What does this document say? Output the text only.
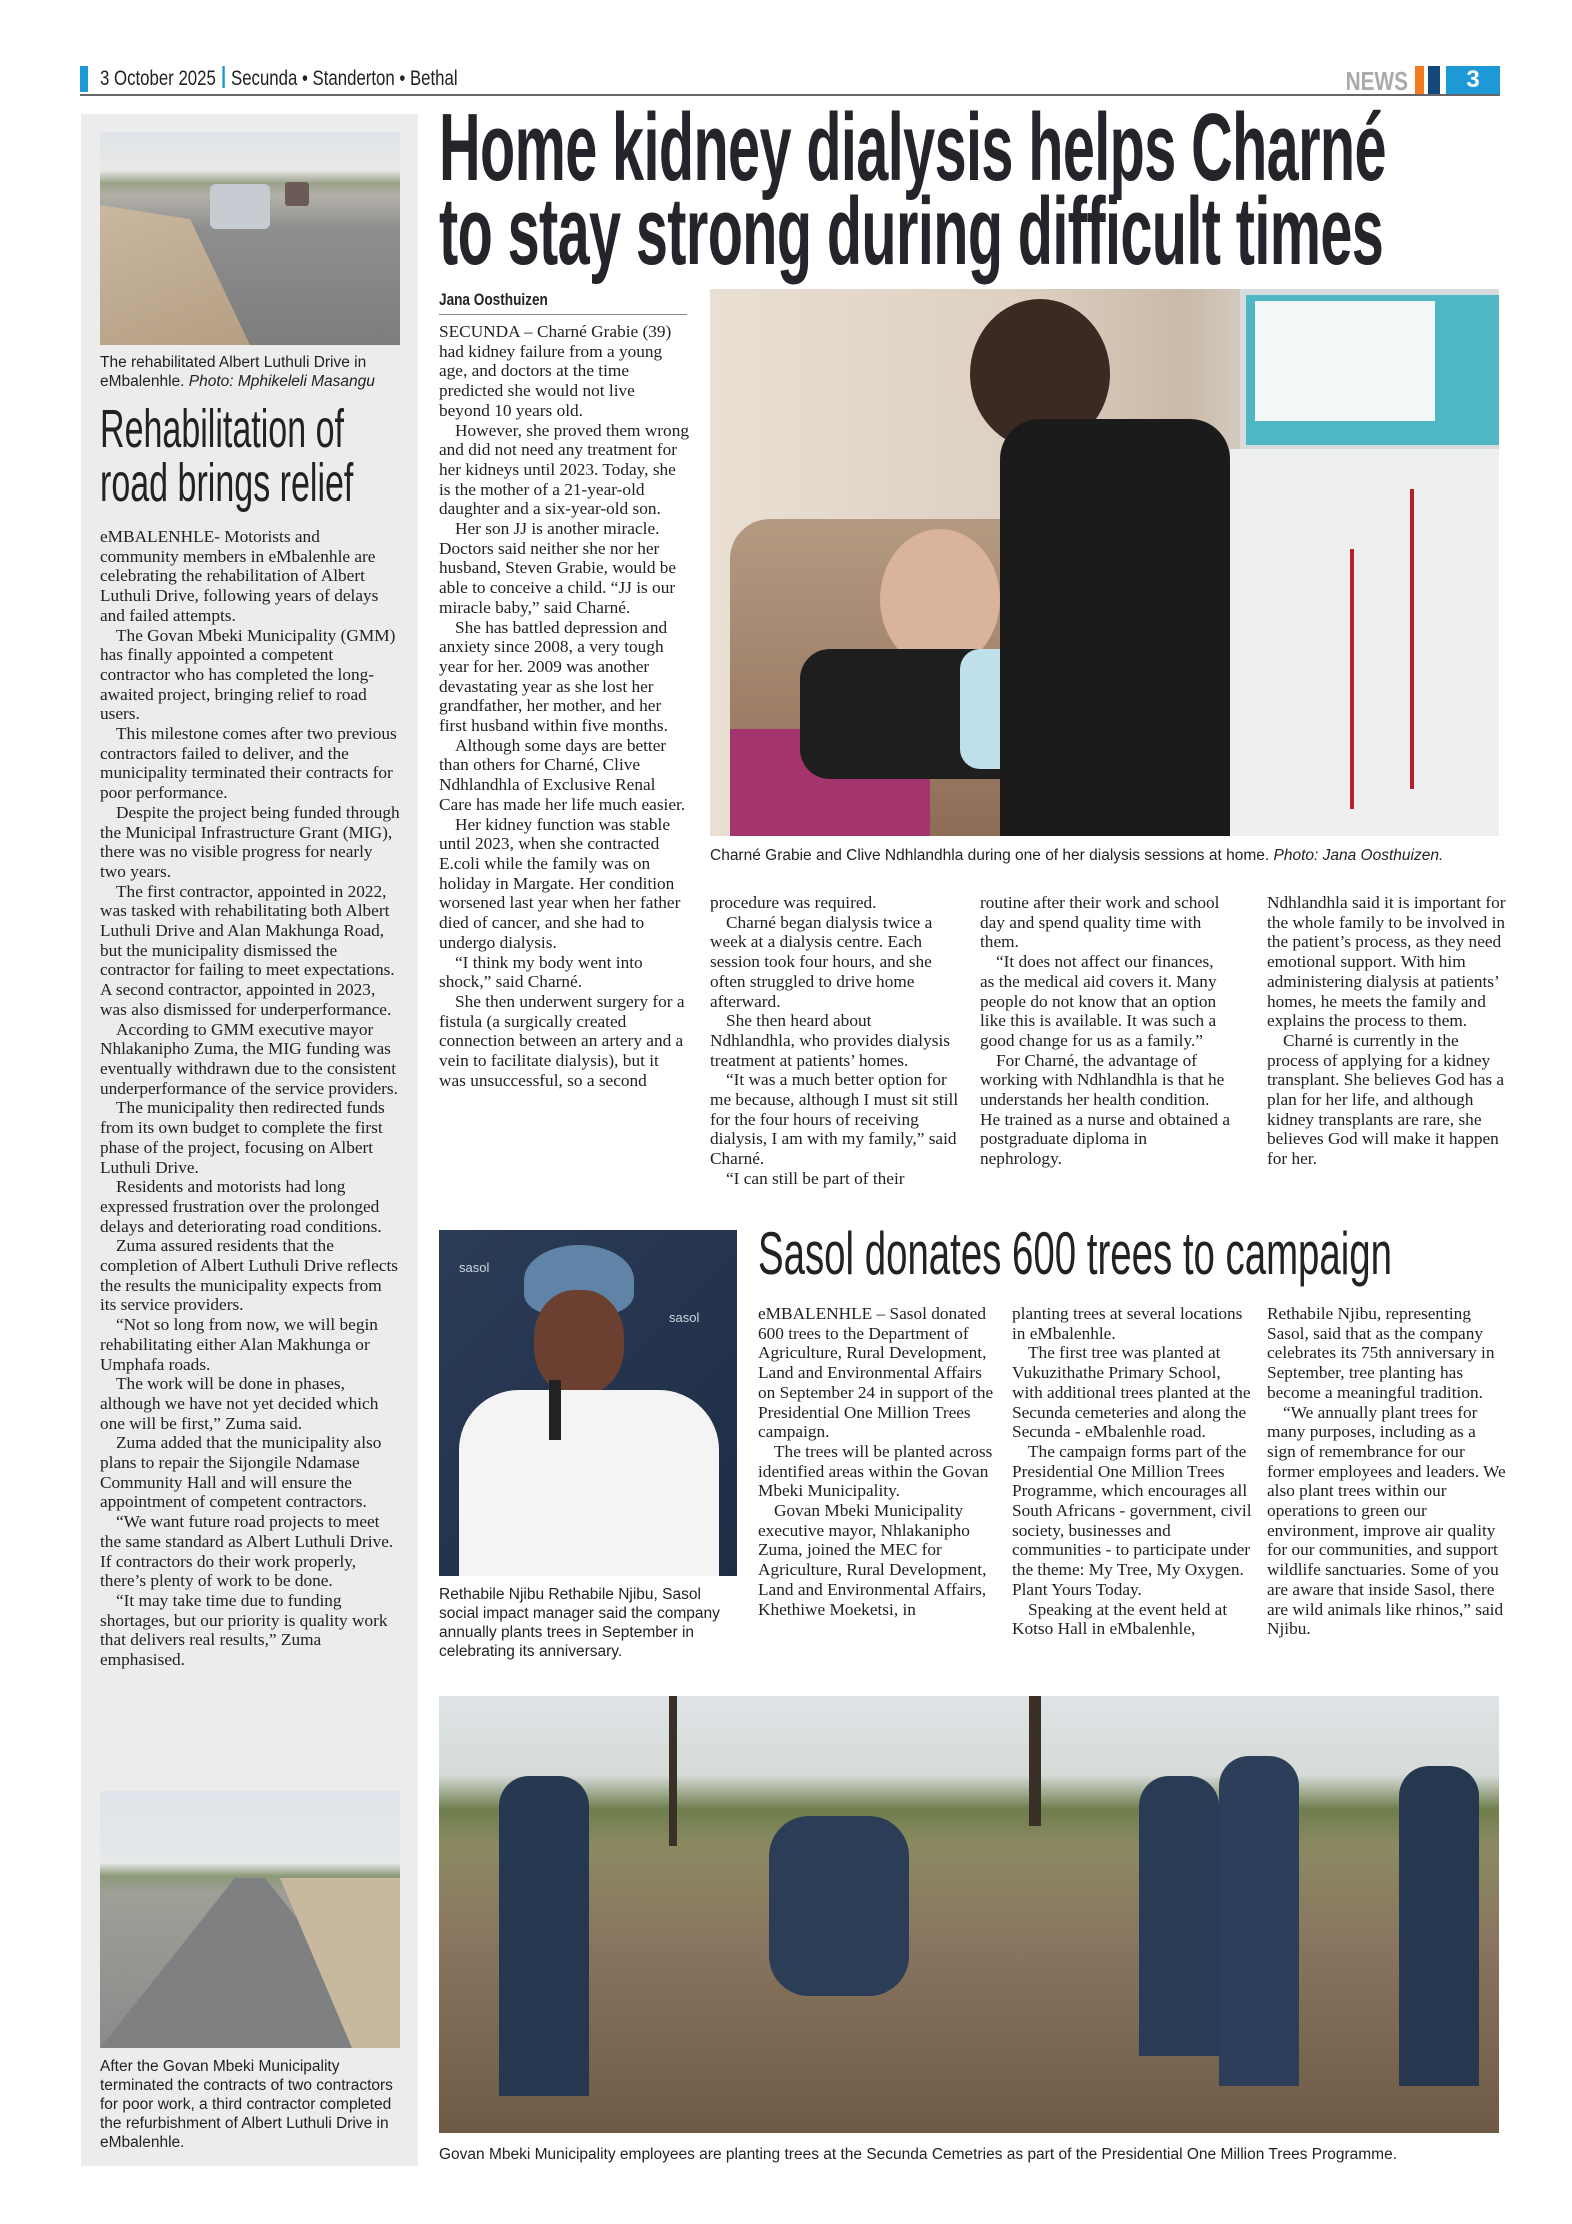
3 October 2025 Secunda • Standerton • Bethal	NEWS	3
The rehabilitated Albert Luthuli Drive in eMbalenhle. Photo: Mphikeleli Masangu
Rehabilitation of
road brings relief

eMBALENHLE- Motorists and community members in eMbalenhle are celebrating the rehabilitation of Albert Luthuli Drive, following years of delays and failed attempts.

The Govan Mbeki Municipality (GMM) has finally appointed a competent contractor who has completed the long-awaited project, bringing relief to road users.

This milestone comes after two previous contractors failed to deliver, and the municipality terminated their contracts for poor performance.

Despite the project being funded through the Municipal Infrastructure Grant (MIG), there was no visible progress for nearly two years.

The first contractor, appointed in 2022, was tasked with rehabilitating both Albert Luthuli Drive and Alan Makhunga Road, but the municipality dismissed the contractor for failing to meet expectations. A second contractor, appointed in 2023, was also dismissed for underperformance.

According to GMM executive mayor Nhlakanipho Zuma, the MIG funding was eventually withdrawn due to the consistent underperformance of the service providers.

The municipality then redirected funds from its own budget to complete the first phase of the project, focusing on Albert Luthuli Drive.

Residents and motorists had long expressed frustration over the prolonged delays and deteriorating road conditions.

Zuma assured residents that the completion of Albert Luthuli Drive reflects the results the municipality expects from its service providers.

“Not so long from now, we will begin rehabilitating either Alan Makhunga or Umphafa roads.

The work will be done in phases, although we have not yet decided which one will be first,” Zuma said.

Zuma added that the municipality also plans to repair the Sijongile Ndamase Community Hall and will ensure the appointment of competent contractors.

“We want future road projects to meet the same standard as Albert Luthuli Drive. If contractors do their work properly, there’s plenty of work to be done.

“It may take time due to funding shortages, but our priority is quality work that delivers real results,” Zuma emphasised.

After the Govan Mbeki Municipality terminated the contracts of two contractors for poor work, a third contractor completed the refurbishment of Albert Luthuli Drive in eMbalenhle.
Home kidney dialysis helps Charné
to stay strong during difficult times
Jana Oosthuizen

SECUNDA – Charné Grabie (39) had kidney failure from a young age, and doctors at the time predicted she would not live beyond 10 years old.

However, she proved them wrong and did not need any treatment for her kidneys until 2023. Today, she is the mother of a 21-year-old daughter and a six-year-old son.

Her son JJ is another miracle. Doctors said neither she nor her husband, Steven Grabie, would be able to conceive a child. “JJ is our miracle baby,” said Charné.

She has battled depression and anxiety since 2008, a very tough year for her. 2009 was another devastating year as she lost her grandfather, her mother, and her first husband within five months.

Although some days are better than others for Charné, Clive Ndhlandhla of Exclusive Renal Care has made her life much easier.

Her kidney function was stable until 2023, when she contracted E.coli while the family was on holiday in Margate. Her condition worsened last year when her father died of cancer, and she had to undergo dialysis.

“I think my body went into shock,” said Charné.

She then underwent surgery for a fistula (a surgically created connection between an artery and a vein to facilitate dialysis), but it was unsuccessful, so a second

Charné Grabie and Clive Ndhlandhla during one of her dialysis sessions at home. Photo: Jana Oosthuizen.

procedure was required.

Charné began dialysis twice a week at a dialysis centre. Each session took four hours, and she often struggled to drive home afterward.

She then heard about Ndhlandhla, who provides dialysis treatment at patients’ homes.

“It was a much better option for me because, although I must sit still for the four hours of receiving dialysis, I am with my family,” said Charné.

“I can still be part of their

routine after their work and school day and spend quality time with them.

“It does not affect our finances, as the medical aid covers it. Many people do not know that an option like this is available. It was such a good change for us as a family.”

For Charné, the advantage of working with Ndhlandhla is that he understands her health condition. He trained as a nurse and obtained a postgraduate diploma in nephrology.

Ndhlandhla said it is important for the whole family to be involved in the patient’s process, as they need emotional support. With him administering dialysis at patients’ homes, he meets the family and explains the process to them.

Charné is currently in the process of applying for a kidney transplant. She believes God has a plan for her life, and although kidney transplants are rare, she believes God will make it happen for her.

sasol
sasol
Rethabile Njibu Rethabile Njibu, Sasol social impact manager said the company annually plants trees in September in celebrating its anniversary.
Sasol donates 600 trees to campaign

eMBALENHLE – Sasol donated 600 trees to the Department of Agriculture, Rural Development, Land and Environmental Affairs on September 24 in support of the Presidential One Million Trees campaign.

The trees will be planted across identified areas within the Govan Mbeki Municipality.

Govan Mbeki Municipality executive mayor, Nhlakanipho Zuma, joined the MEC for Agriculture, Rural Development, Land and Environmental Affairs, Khethiwe Moeketsi, in

planting trees at several locations in eMbalenhle.

The first tree was planted at Vukuzithathe Primary School, with additional trees planted at the Secunda cemeteries and along the Secunda - eMbalenhle road.

The campaign forms part of the Presidential One Million Trees Programme, which encourages all South Africans - government, civil society, businesses and communities - to participate under the theme: My Tree, My Oxygen. Plant Yours Today.

Speaking at the event held at Kotso Hall in eMbalenhle,

Rethabile Njibu, representing Sasol, said that as the company celebrates its 75th anniversary in September, tree planting has become a meaningful tradition.

“We annually plant trees for many purposes, including as a sign of remembrance for our former employees and leaders. We also plant trees within our operations to green our environment, improve air quality for our communities, and support wildlife sanctuaries. Some of you are aware that inside Sasol, there are wild animals like rhinos,” said Njibu.

Govan Mbeki Municipality employees are planting trees at the Secunda Cemetries as part of the Presidential One Million Trees Programme.
